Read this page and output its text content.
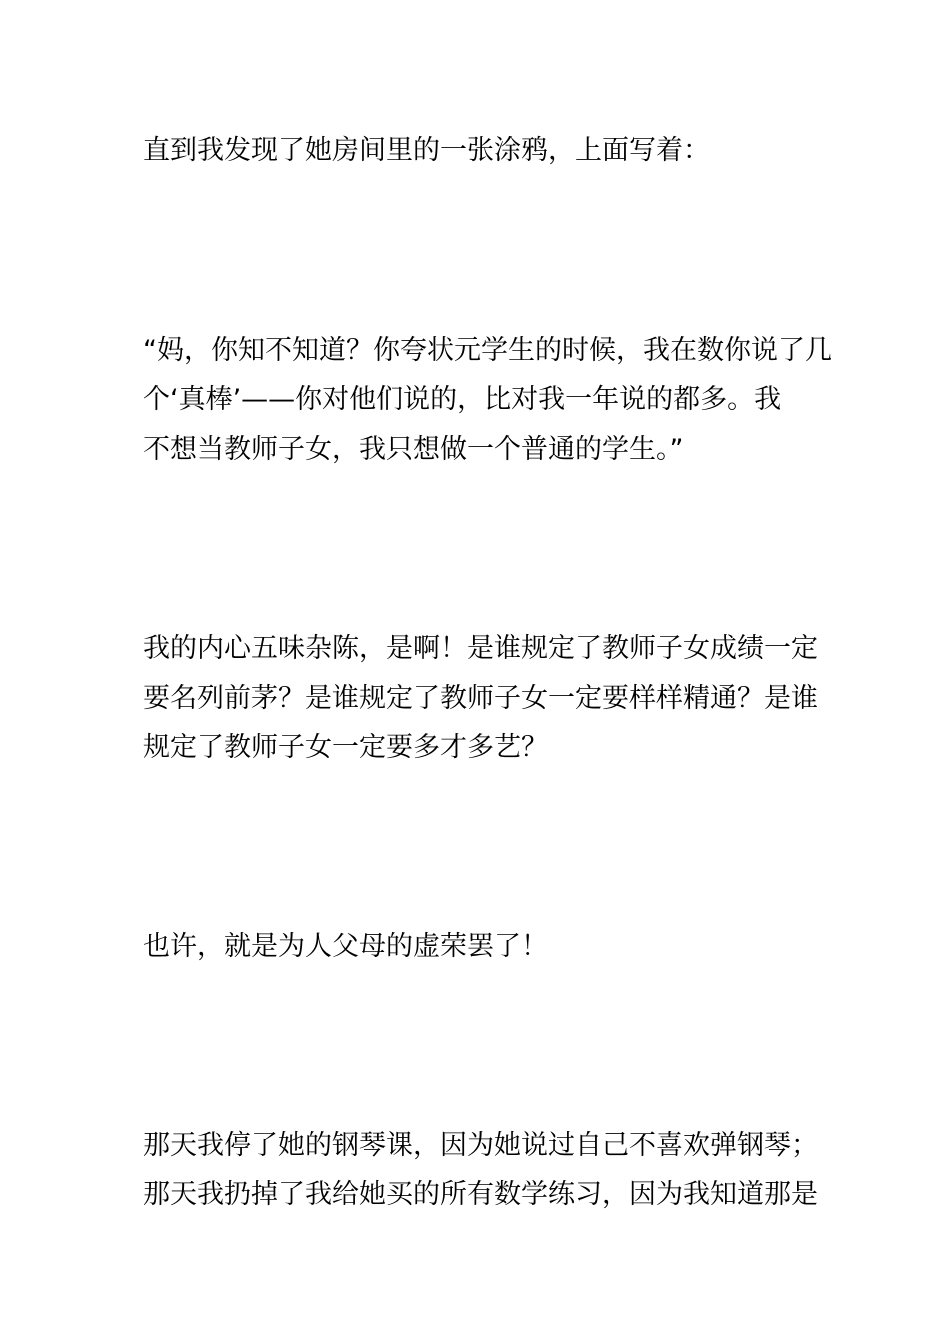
直到我发现了她房间里的一张涂鸦，上面写着：

“妈，你知不知道？你夸状元学生的时候，我在数你说了几

个‘真棒’——你对他们说的，比对我一年说的都多。我

不想当教师子女，我只想做一个普通的学生。”

我的内心五味杂陈，是啊！是谁规定了教师子女成绩一定

要名列前茅？是谁规定了教师子女一定要样样精通？是谁

规定了教师子女一定要多才多艺？

也许，就是为人父母的虚荣罢了！

那天我停了她的钢琴课，因为她说过自己不喜欢弹钢琴；

那天我扔掉了我给她买的所有数学练习，因为我知道那是
